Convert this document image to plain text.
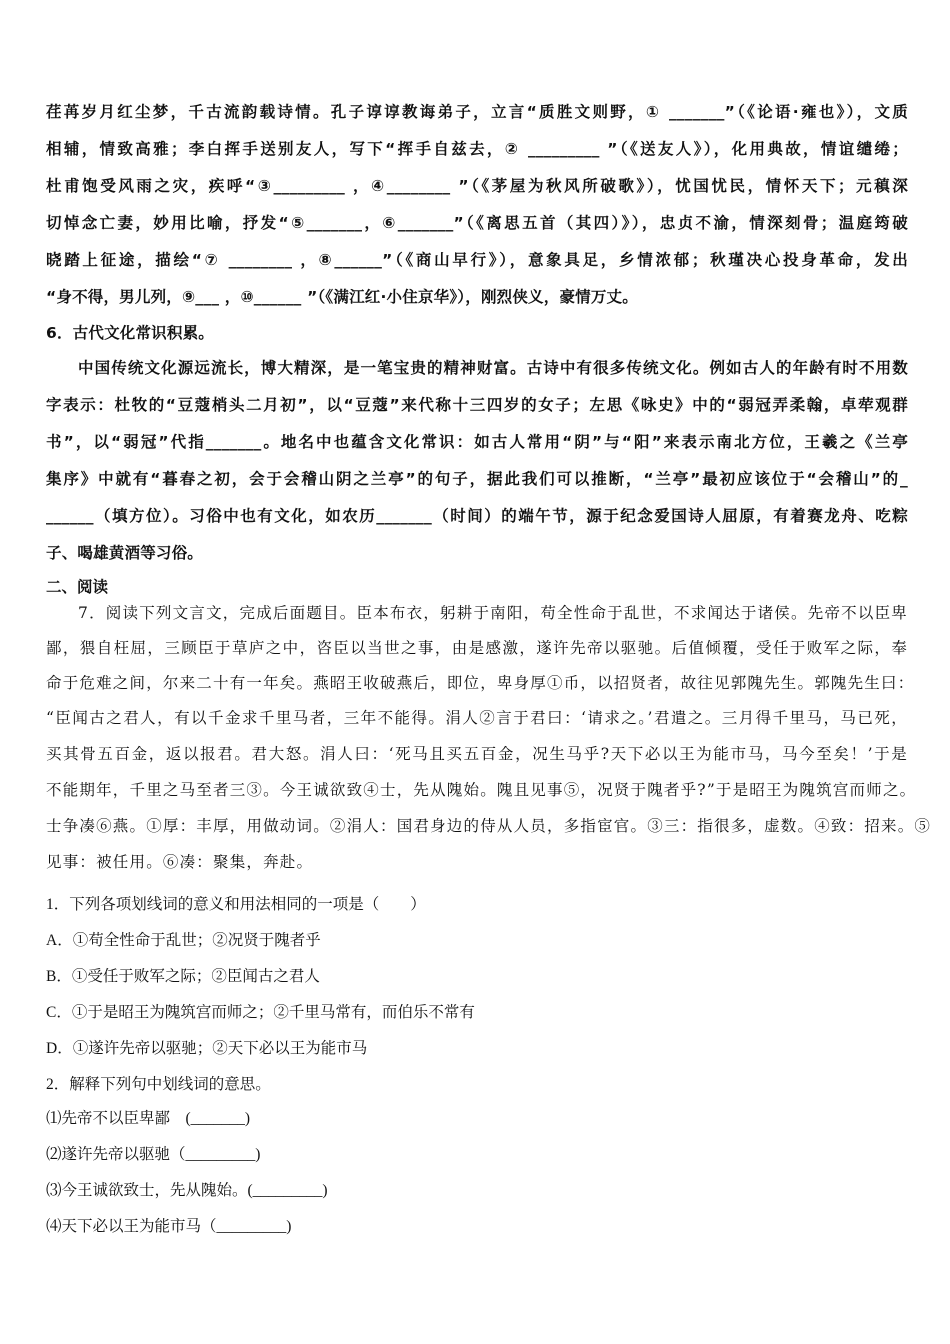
荏苒岁月红尘梦，千古流韵载诗情。孔子谆谆教诲弟子，立言“质胜文则野，① _______”（《论语·雍也》），文质
相辅，情致高雅；李白挥手送别友人，写下“挥手自兹去，② _________ ”（《送友人》），化用典故，情谊缱绻；
杜甫饱受风雨之灾，疾呼“③_________ ，④________ ”（《茅屋为秋风所破歌》），忧国忧民，情怀天下；元稹深
切悼念亡妻，妙用比喻，抒发“⑤_______，⑥_______”（《离思五首（其四）》），忠贞不渝，情深刻骨；温庭筠破
晓踏上征途，描绘“⑦ ________ ，⑧______”（《商山早行》），意象具足，乡情浓郁；秋瑾决心投身革命，发出
“身不得，男儿列，⑨___ ，⑩______ ”（《满江红·小住京华》），刚烈侠义，豪情万丈。
6．古代文化常识积累。
中国传统文化源远流长，博大精深，是一笔宝贵的精神财富。古诗中有很多传统文化。例如古人的年龄有时不用数
字表示：杜牧的“豆蔻梢头二月初”，以“豆蔻”来代称十三四岁的女子；左思《咏史》中的“弱冠弄柔翰，卓荦观群
书”，以“弱冠”代指_______。地名中也蕴含文化常识：如古人常用“阴”与“阳”来表示南北方位，王羲之《兰亭
集序》中就有“暮春之初，会于会稽山阴之兰亭”的句子，据此我们可以推断，“兰亭”最初应该位于“会稽山”的_
______（填方位）。习俗中也有文化，如农历_______（时间）的端午节，源于纪念爱国诗人屈原，有着赛龙舟、吃粽
子、喝雄黄酒等习俗。
二、阅读
7．阅读下列文言文，完成后面题目。臣本布衣，躬耕于南阳，苟全性命于乱世，不求闻达于诸侯。先帝不以臣卑
鄙，猥自枉屈，三顾臣于草庐之中，咨臣以当世之事，由是感激，遂许先帝以驱驰。后值倾覆，受任于败军之际，奉
命于危难之间，尔来二十有一年矣。燕昭王收破燕后，即位，卑身厚①币，以招贤者，故往见郭隗先生。郭隗先生曰：
“臣闻古之君人，有以千金求千里马者，三年不能得。涓人②言于君曰：‘请求之。’君遣之。三月得千里马，马已死，
买其骨五百金，返以报君。君大怒。涓人曰：‘死马且买五百金，况生马乎?天下必以王为能市马，马今至矣！’于是
不能期年，千里之马至者三③。今王诚欲致④士，先从隗始。隗且见事⑤，况贤于隗者乎?”于是昭王为隗筑宫而师之。
士争凑⑥燕。①厚：丰厚，用做动词。②涓人：国君身边的侍从人员，多指宦官。③三：指很多，虚数。④致：招来。⑤
见事：被任用。⑥凑：聚集，奔赴。
1．下列各项划线词的意义和用法相同的一项是（　　）
A．①苟全性命于乱世；②况贤于隗者乎
B．①受任于败军之际；②臣闻古之君人
C．①于是昭王为隗筑宫而师之；②千里马常有，而伯乐不常有
D．①遂许先帝以驱驰；②天下必以王为能市马
2．解释下列句中划线词的意思。
⑴先帝不以臣卑鄙　(_______)
⑵遂许先帝以驱驰（_________)
⑶今王诚欲致士，先从隗始。(_________)
⑷天下必以王为能市马（_________)
